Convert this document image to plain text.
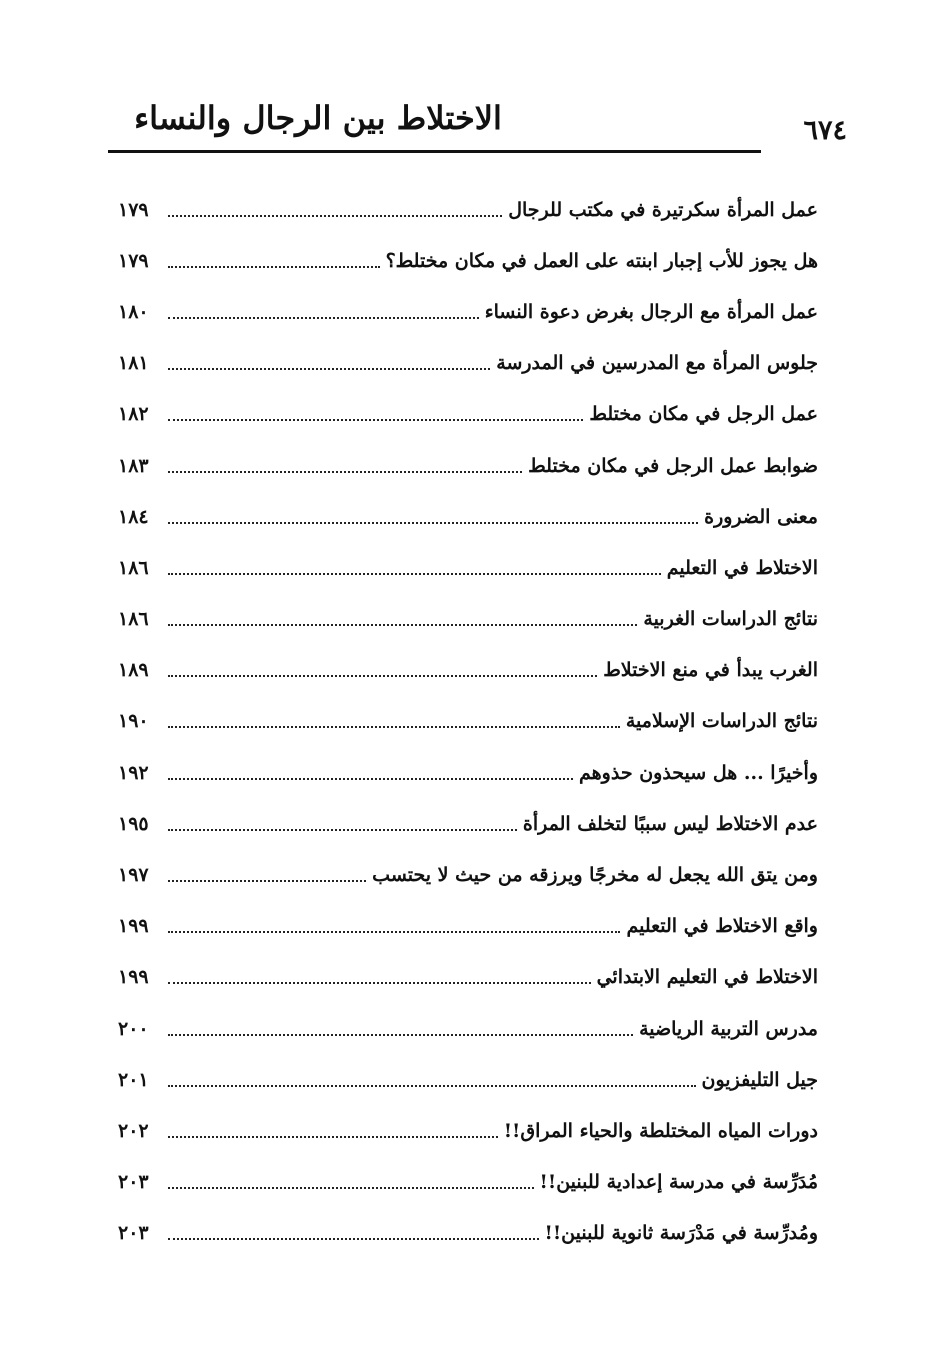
الاختلاط بين الرجال والنساء	٦٧٤
عمل المرأة سكرتيرة في مكتب للرجال
١٧٩
هل يجوز للأب إجبار ابنته على العمل في مكان مختلط؟
١٧٩
عمل المرأة مع الرجال بغرض دعوة النساء
١٨٠
جلوس المرأة مع المدرسين في المدرسة
١٨١
عمل الرجل في مكان مختلط
١٨٢
ضوابط عمل الرجل في مكان مختلط
١٨٣
معنى الضرورة
١٨٤
الاختلاط في التعليم
١٨٦
نتائج الدراسات الغربية
١٨٦
الغرب يبدأ في منع الاختلاط
١٨٩
نتائج الدراسات الإسلامية
١٩٠
وأخيرًا ... هل سيحذون حذوهم
١٩٢
عدم الاختلاط ليس سببًا لتخلف المرأة
١٩٥
ومن يتق الله يجعل له مخرجًا ويرزقه من حيث لا يحتسب
١٩٧
واقع الاختلاط في التعليم
١٩٩
الاختلاط في التعليم الابتدائي
١٩٩
مدرس التربية الرياضية
٢٠٠
جيل التليفزيون
٢٠١
دورات المياه المختلطة والحياء المراق!!
٢٠٢
مُدَرِّسة في مدرسة إعدادية للبنين!!
٢٠٣
ومُدرِّسة في مَدْرَسة ثانوية للبنين!!
٢٠٣
